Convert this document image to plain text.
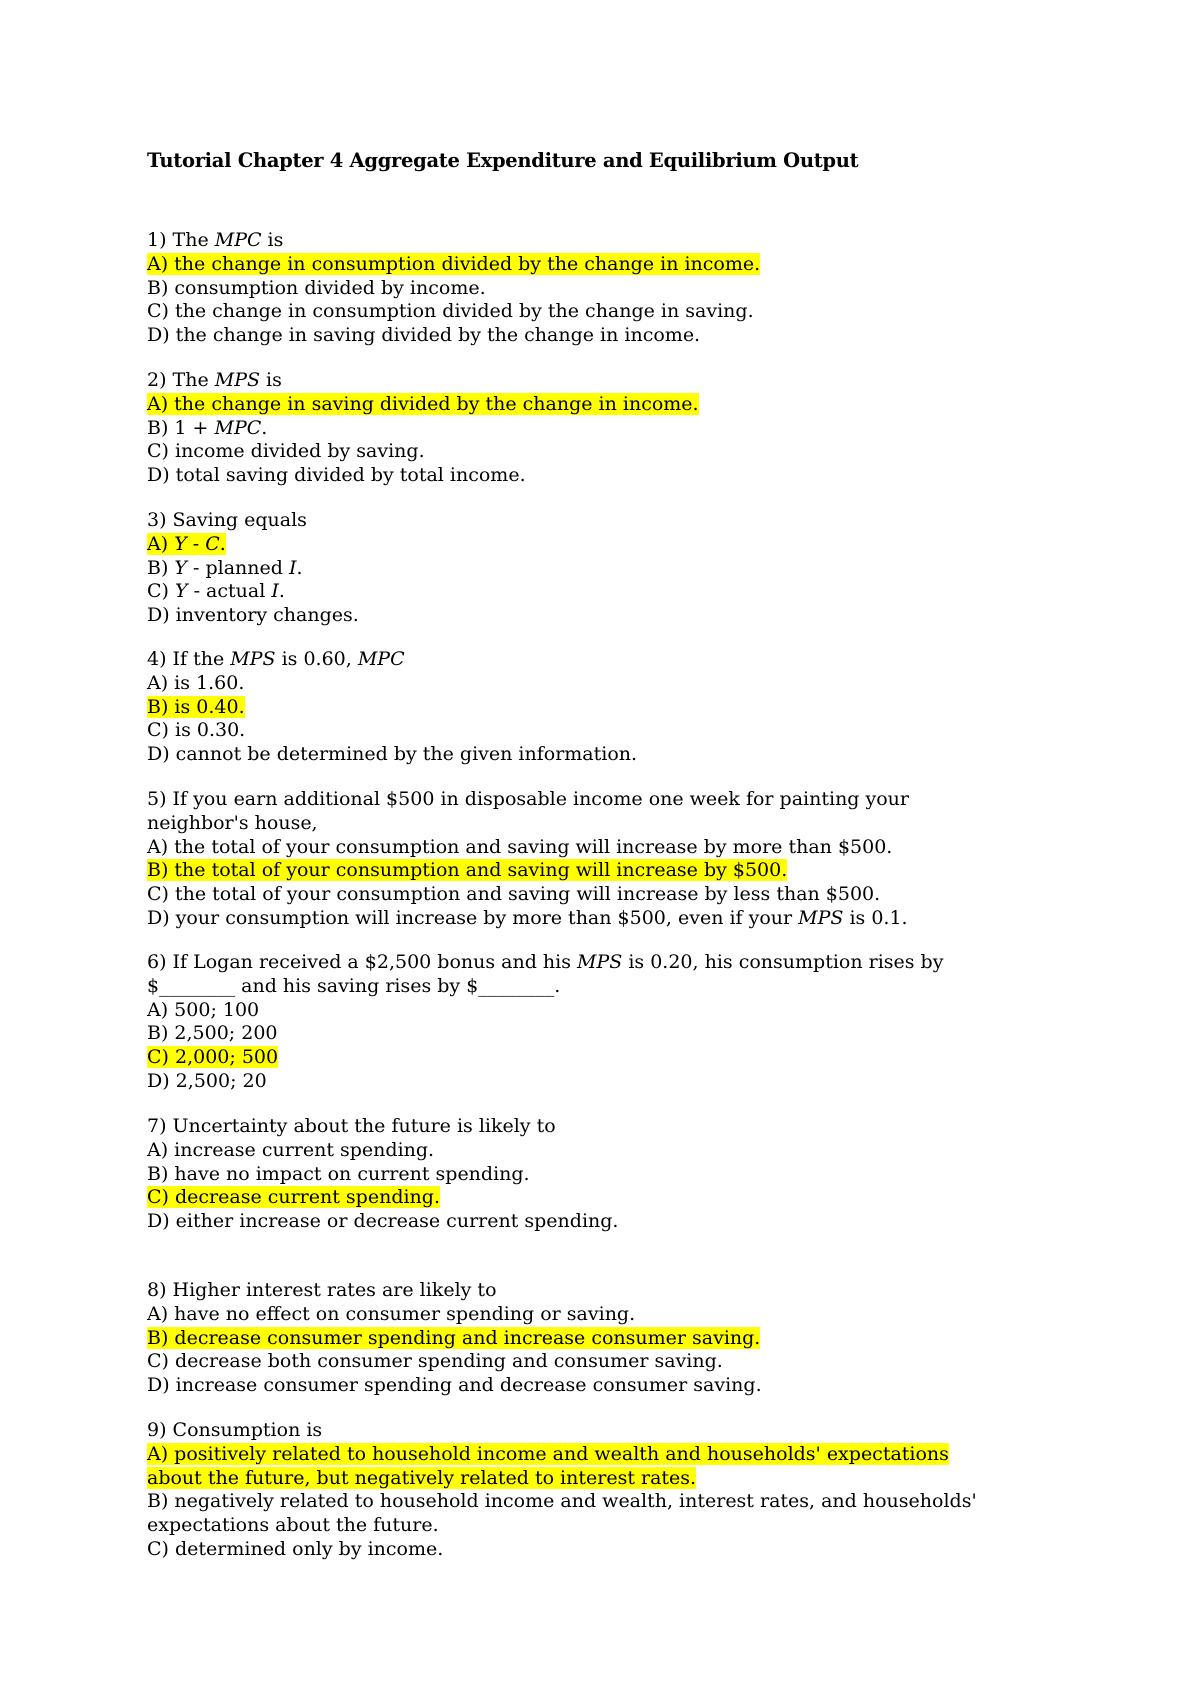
Tutorial Chapter 4 Aggregate Expenditure and Equilibrium Output
1) The MPC is
A) the change in consumption divided by the change in income.
B) consumption divided by income.
C) the change in consumption divided by the change in saving.
D) the change in saving divided by the change in income.
2) The MPS is
A) the change in saving divided by the change in income.
B) 1 + MPC.
C) income divided by saving.
D) total saving divided by total income.
3) Saving equals
A) Y - C.
B) Y - planned I.
C) Y - actual I.
D) inventory changes.
4) If the MPS is 0.60, MPC
A) is 1.60.
B) is 0.40.
C) is 0.30.
D) cannot be determined by the given information.
5) If you earn additional $500 in disposable income one week for painting your
neighbor's house,
A) the total of your consumption and saving will increase by more than $500.
B) the total of your consumption and saving will increase by $500.
C) the total of your consumption and saving will increase by less than $500.
D) your consumption will increase by more than $500, even if your MPS is 0.1.
6) If Logan received a $2,500 bonus and his MPS is 0.20, his consumption rises by
$________ and his saving rises by $________.
A) 500; 100
B) 2,500; 200
C) 2,000; 500
D) 2,500; 20
7) Uncertainty about the future is likely to
A) increase current spending.
B) have no impact on current spending.
C) decrease current spending.
D) either increase or decrease current spending.
8) Higher interest rates are likely to
A) have no effect on consumer spending or saving.
B) decrease consumer spending and increase consumer saving.
C) decrease both consumer spending and consumer saving.
D) increase consumer spending and decrease consumer saving.
9) Consumption is
A) positively related to household income and wealth and households' expectations
about the future, but negatively related to interest rates.
B) negatively related to household income and wealth, interest rates, and households'
expectations about the future.
C) determined only by income.
